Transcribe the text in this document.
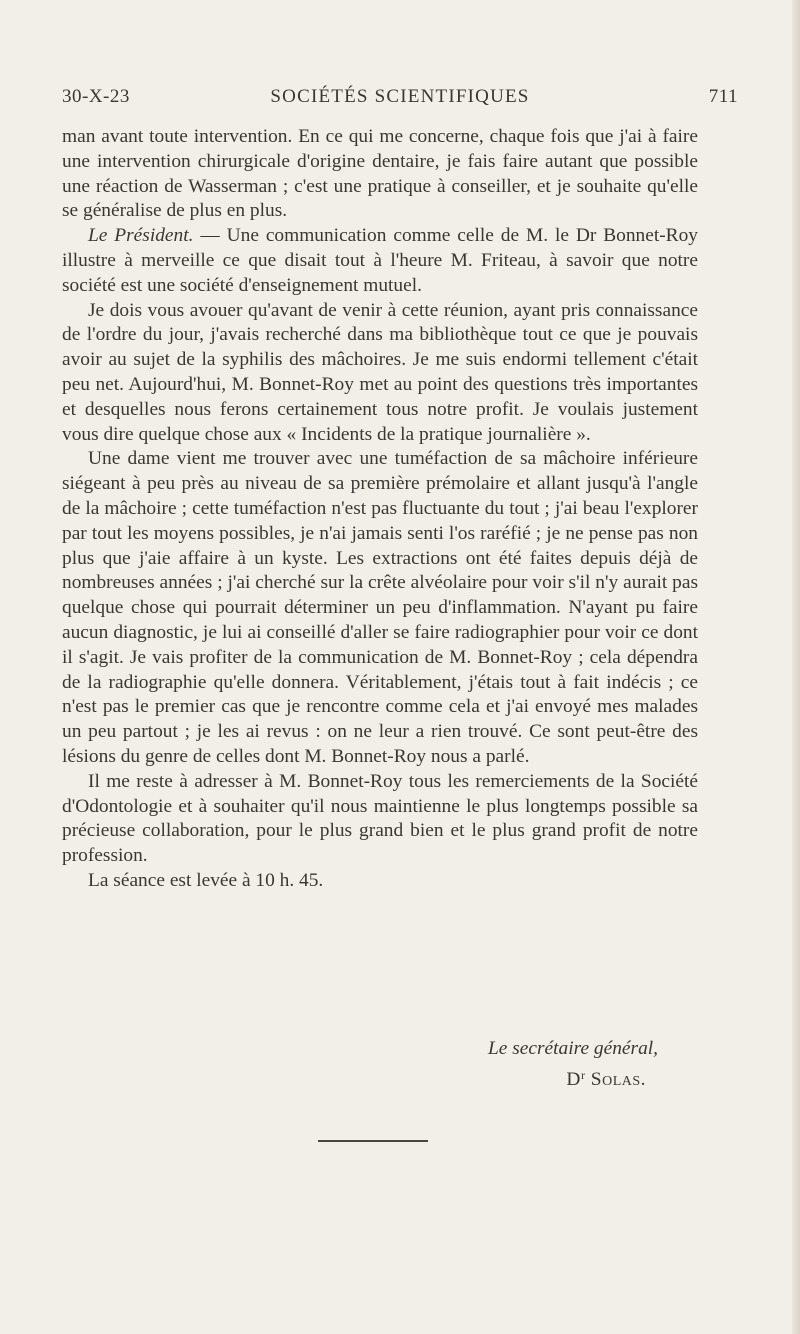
30-X-23	SOCIÉTÉS SCIENTIFIQUES	711

man avant toute intervention. En ce qui me concerne, chaque fois que j'ai à faire une intervention chirurgicale d'origine dentaire, je fais faire autant que possible une réaction de Wasserman ; c'est une pratique à conseiller, et je souhaite qu'elle se généralise de plus en plus.

Le Président. — Une communication comme celle de M. le Dr Bonnet-Roy illustre à merveille ce que disait tout à l'heure M. Friteau, à savoir que notre société est une société d'enseignement mutuel.

Je dois vous avouer qu'avant de venir à cette réunion, ayant pris connaissance de l'ordre du jour, j'avais recherché dans ma bibliothèque tout ce que je pouvais avoir au sujet de la syphilis des mâchoires. Je me suis endormi tellement c'était peu net. Aujourd'hui, M. Bonnet-Roy met au point des questions très importantes et desquelles nous ferons certainement tous notre profit. Je voulais justement vous dire quelque chose aux « Incidents de la pratique journalière ».

Une dame vient me trouver avec une tuméfaction de sa mâchoire inférieure siégeant à peu près au niveau de sa première prémolaire et allant jusqu'à l'angle de la mâchoire ; cette tuméfaction n'est pas fluctuante du tout ; j'ai beau l'explorer par tout les moyens possibles, je n'ai jamais senti l'os raréfié ; je ne pense pas non plus que j'aie affaire à un kyste. Les extractions ont été faites depuis déjà de nombreuses années ; j'ai cherché sur la crête alvéolaire pour voir s'il n'y aurait pas quelque chose qui pourrait déterminer un peu d'inflammation. N'ayant pu faire aucun diagnostic, je lui ai conseillé d'aller se faire radiographier pour voir ce dont il s'agit. Je vais profiter de la communication de M. Bonnet-Roy ; cela dépendra de la radiographie qu'elle donnera. Véritablement, j'étais tout à fait indécis ; ce n'est pas le premier cas que je rencontre comme cela et j'ai envoyé mes malades un peu partout ; je les ai revus : on ne leur a rien trouvé. Ce sont peut-être des lésions du genre de celles dont M. Bonnet-Roy nous a parlé.

Il me reste à adresser à M. Bonnet-Roy tous les remerciements de la Société d'Odontologie et à souhaiter qu'il nous maintienne le plus longtemps possible sa précieuse collaboration, pour le plus grand bien et le plus grand profit de notre profession.

La séance est levée à 10 h. 45.

Le secrétaire général,
$D^r$ Solas.
